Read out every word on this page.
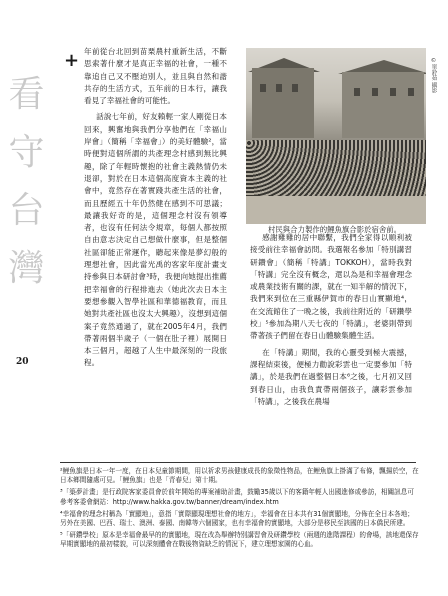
看
守
台
灣
20
+ 年前從台北回到苗栗農村重新生活，不斷思索著什麼才是真正幸福的社會，一種不靠追自己又不壓迫別人，並且與自然和諧共存的生活方式，五年前的日本行，讓我看見了幸福社會的可能性。

話說七年前，好友賴輕一家人剛從日本回來，興奮地與我們分享他們在「幸福山岸會」（簡稱「幸福會」）的美好體驗²，當時便對這個所謂的共產理念村感到無比興趣，除了年輕時懷抱的社會主義熱情仍未退卻，對於在日本這個高度資本主義的社會中，竟然存在著實踐共產生活的社會，而且歷經五十年仍然健在感到不可思議；最讓我好奇的是，這個理念村沒有領導者，也沒有任何法令規章，每個人都按照自由意志決定自己想做什麼事，但是整個社區卻能正常運作，聽起來像是夢幻般的理想社會，因此當光禹的客家年度計畫支持參與日本研討會³時，我便向她提出推薦把幸福會的行程排進去（她此次去日本主要想參觀入智學社區和華德福教育，而且她對共產社區也沒太大興趣），沒想到這個案子竟然通過了，就在2005年4月，我們帶著兩個半歲子（一個在肚子裡）展開日本三個月，超越了人生中最深刻的一段旅程。

©單鈴茹 攝影
村民與合力製作的鯉魚旗合影於宿舍前。

感謝雞雞的居中聯繫，我們全家得以順利被接受前往幸福會訪問。我選報名參加「特別講習研鑽會」（簡稱「特講」TOKKOH），當時我對「特講」完全沒有概念，還以為是和幸福會理念或農業技術有關的課，就在一知半解的情況下，我們來到位在三重縣伊賀市的春日山實顯地⁴，在交流館住了一晚之後，我前往附近的「研鑽學校」⁵參加為期八天七夜的「特講」，老婆則帶到帶著孩子們留在春日山體驗集體生活。

在「特講」期間，我的心靈受到極大震撼，課程結束後，便極力勸說彩雲也一定要參加「特講」，於是我們在過整個日本⁶之後，七月初又回到春日山，由我負責帶兩個孩子，讓彩雲參加「特講」，之後我在農場

²鯉魚旗是日本一年一度，在日本兒童節期間，用以祈求男孩健康成長的象徵性物品，在鯉魚旗上掛滿了布條，飄揚於空，在日本鄉間隨處可見。「鯉魚旗」也是「青春兒」第十期。

³「築夢計畫」是行政院客家委員會於前年開始的專案補助計畫，鼓勵35歲以下的客籍年輕人出國進修或參訪，相關訊息可參考客委會網站：http://www.hakka.gov.tw/banner/dream/index.htm

⁴幸福會的理念村稱為「實顯地」，意指「實際顯現理想社會的地方」，幸福會在日本共有31個實顯地，分佈在全日本各地；另外在美國、巴西、瑞士、澳洲、泰國、南韓等六個國家，也有幸福會的實顯地，大部分是移民至該國的日本僑民所建。

⁵「研鑽學校」原本是幸福會最早的的實顯地，現在改為舉辦特別講習會及研鑽學校（兩週的進階課程）的會場，該地還保存早期實顯地的最初樣貌，可以深刻體會在戰後物資缺乏的情況下，建立理想家園的心血。
